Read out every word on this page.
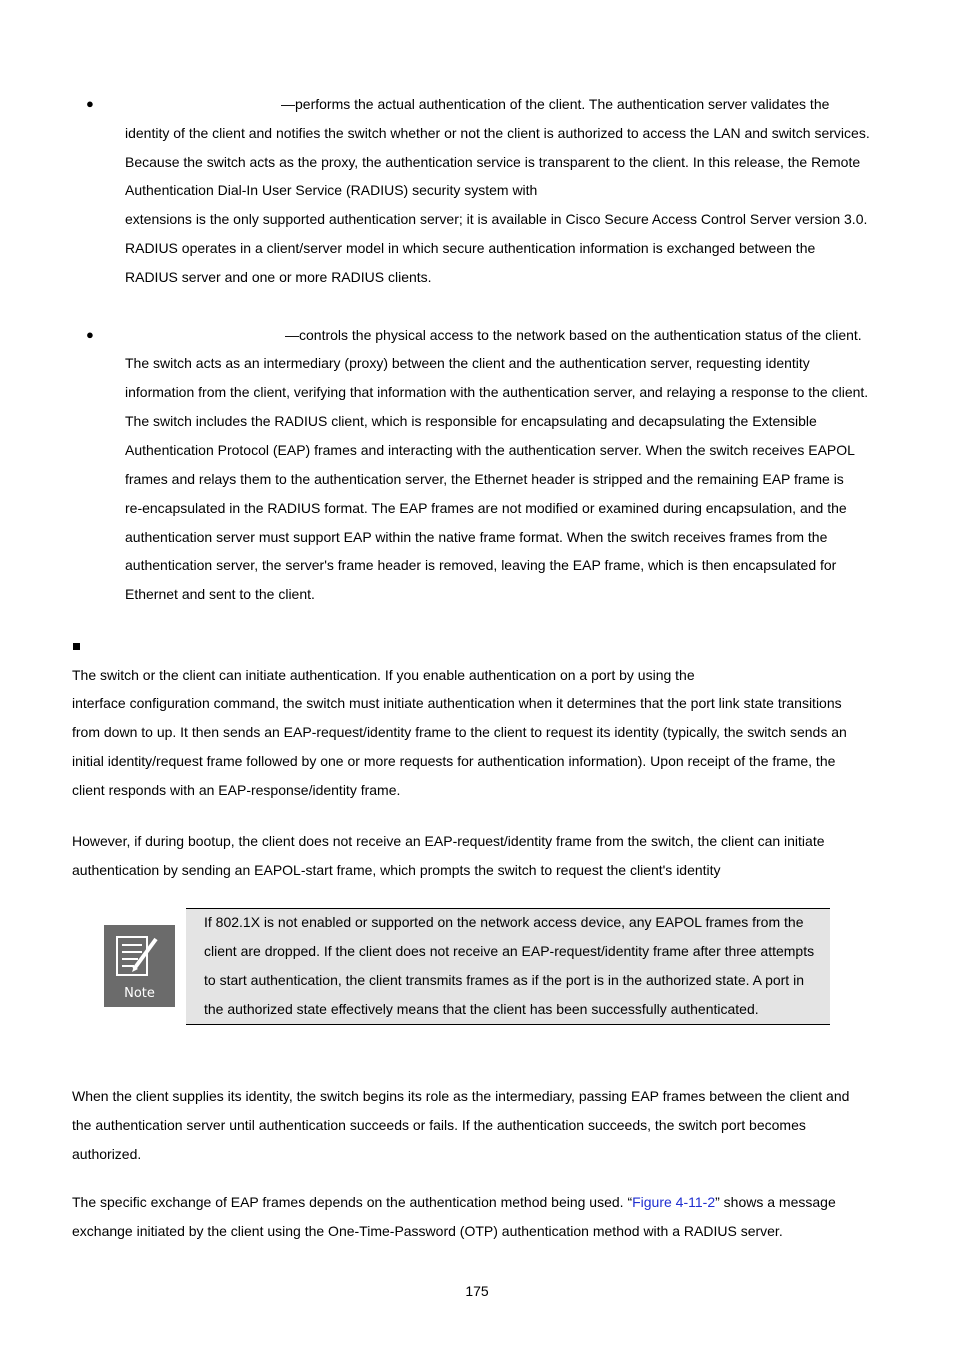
●	—performs the actual authentication of the client. The authentication server validates the
identity of the client and notifies the switch whether or not the client is authorized to access the LAN and switch services.
Because the switch acts as the proxy, the authentication service is transparent to the client. In this release, the Remote
Authentication Dial-In User Service (RADIUS) security system with
extensions is the only supported authentication server; it is available in Cisco Secure Access Control Server version 3.0.
RADIUS operates in a client/server model in which secure authentication information is exchanged between the
RADIUS server and one or more RADIUS clients.
●	—controls the physical access to the network based on the authentication status of the client.
The switch acts as an intermediary (proxy) between the client and the authentication server, requesting identity
information from the client, verifying that information with the authentication server, and relaying a response to the client.
The switch includes the RADIUS client, which is responsible for encapsulating and decapsulating the Extensible
Authentication Protocol (EAP) frames and interacting with the authentication server. When the switch receives EAPOL
frames and relays them to the authentication server, the Ethernet header is stripped and the remaining EAP frame is
re-encapsulated in the RADIUS format. The EAP frames are not modified or examined during encapsulation, and the
authentication server must support EAP within the native frame format. When the switch receives frames from the
authentication server, the server's frame header is removed, leaving the EAP frame, which is then encapsulated for
Ethernet and sent to the client.
The switch or the client can initiate authentication. If you enable authentication on a port by using the
interface configuration command, the switch must initiate authentication when it determines that the port link state transitions
from down to up. It then sends an EAP-request/identity frame to the client to request its identity (typically, the switch sends an
initial identity/request frame followed by one or more requests for authentication information). Upon receipt of the frame, the
client responds with an EAP-response/identity frame.
However, if during bootup, the client does not receive an EAP-request/identity frame from the switch, the client can initiate
authentication by sending an EAPOL-start frame, which prompts the switch to request the client's identity
Note
If 802.1X is not enabled or supported on the network access device, any EAPOL frames from the
client are dropped. If the client does not receive an EAP-request/identity frame after three attempts
to start authentication, the client transmits frames as if the port is in the authorized state. A port in
the authorized state effectively means that the client has been successfully authenticated.
When the client supplies its identity, the switch begins its role as the intermediary, passing EAP frames between the client and
the authentication server until authentication succeeds or fails. If the authentication succeeds, the switch port becomes
authorized.
The specific exchange of EAP frames depends on the authentication method being used. “Figure 4-11-2” shows a message
exchange initiated by the client using the One-Time-Password (OTP) authentication method with a RADIUS server.
175
